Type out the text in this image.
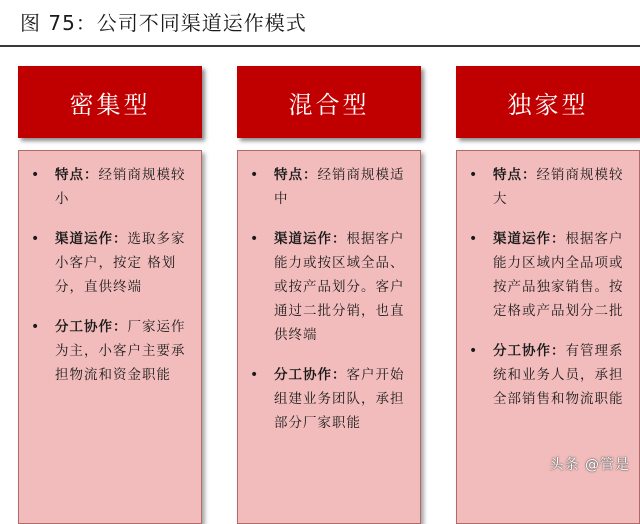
图 75：公司不同渠道运作模式
密集型
•	特点：经销商规模较小
•	渠道运作：选取多家小客户，按定 格划分，直供终端
•	分工协作：厂家运作为主，小客户主要承担物流和资金职能
混合型
•	特点：经销商规模适中
•	渠道运作：根据客户能力或按区域全品、或按产品划分。客户通过二批分销，也直供终端
•	分工协作：客户开始组建业务团队，承担部分厂家职能
独家型
•	特点：经销商规模较大
•	渠道运作：根据客户能力区域内全品项或按产品独家销售。按定格或产品划分二批
•	分工协作：有管理系统和业务人员，承担全部销售和物流职能
头条 @管是
